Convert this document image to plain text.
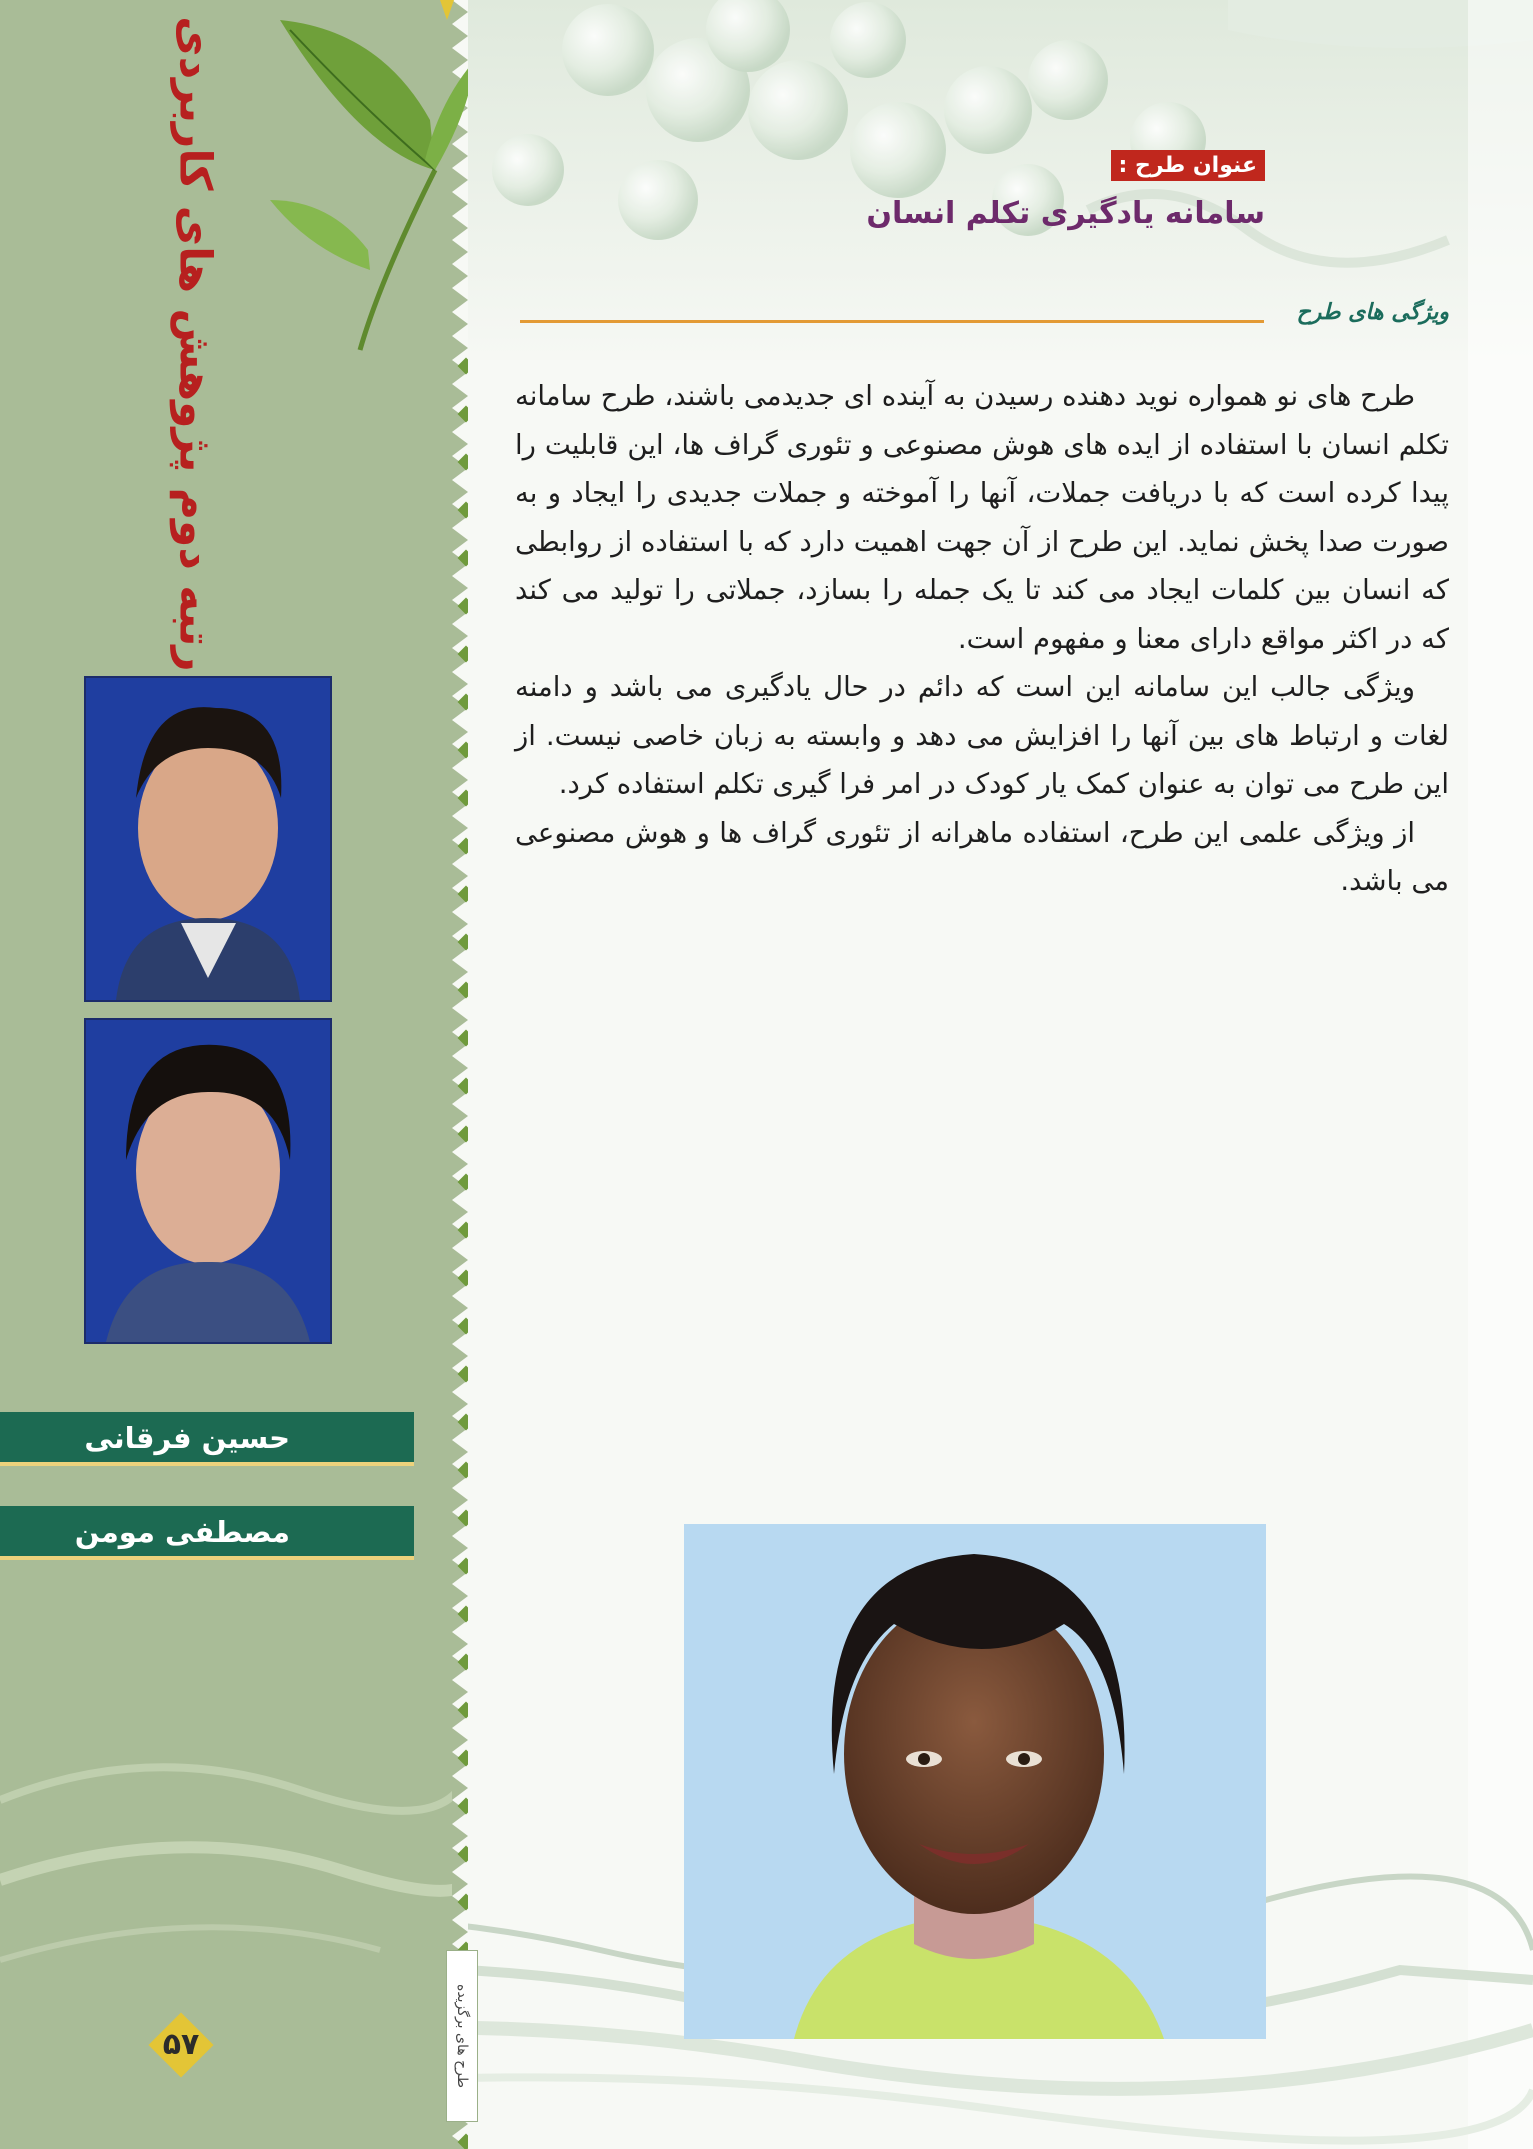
رتبه دوم پژوهش های کاربردی
حسین فرقانی
مصطفی مومن
۵۷	طرح های برگزیده
عنوان طرح :
سامانه یادگیری تکلم انسان
ویژگی های طرح

طرح های نو همواره نوید دهنده رسیدن به آینده ای جدیدمی باشند، طرح سامانه تکلم انسان با استفاده از ایده های هوش مصنوعی و تئوری گراف ها، این قابلیت را پیدا کرده است که با دریافت جملات، آنها را آموخته و جملات جدیدی را ایجاد و به صورت صدا پخش نماید. این طرح از آن جهت اهمیت دارد که با استفاده از روابطی که انسان بین کلمات ایجاد می کند تا یک جمله را بسازد، جملاتی را تولید می کند که در اکثر مواقع دارای معنا و مفهوم است.

ویژگی جالب این سامانه این است که دائم در حال یادگیری می باشد و دامنه لغات و ارتباط های بین آنها را افزایش می دهد و وابسته به زبان خاصی نیست. از این طرح می توان به عنوان کمک یار کودک در امر فرا گیری تکلم استفاده کرد.

از ویژگی علمی این طرح، استفاده ماهرانه از تئوری گراف ها و هوش مصنوعی می باشد.
